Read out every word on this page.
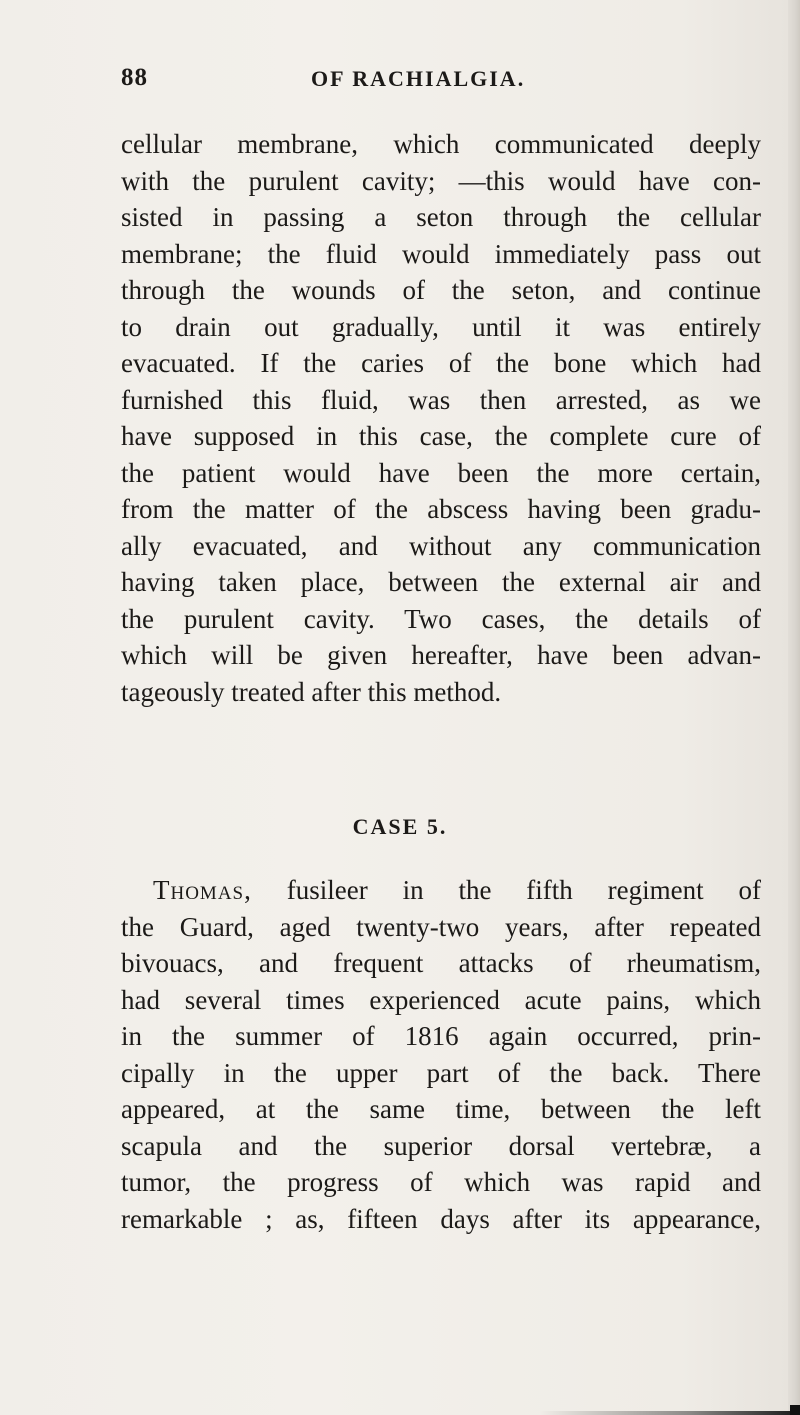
88	OF RACHIALGIA.
cellular membrane, which communicated deeply
with the purulent cavity; —this would have con-
sisted in passing a seton through the cellular
membrane; the fluid would immediately pass out
through the wounds of the seton, and continue
to drain out gradually, until it was entirely
evacuated. If the caries of the bone which had
furnished this fluid, was then arrested, as we
have supposed in this case, the complete cure of
the patient would have been the more certain,
from the matter of the abscess having been gradu-
ally evacuated, and without any communication
having taken place, between the external air and
the purulent cavity. Two cases, the details of
which will be given hereafter, have been advan-
tageously treated after this method.
CASE 5.
Thomas, fusileer in the fifth regiment of
the Guard, aged twenty-two years, after repeated
bivouacs, and frequent attacks of rheumatism,
had several times experienced acute pains, which
in the summer of 1816 again occurred, prin-
cipally in the upper part of the back. There
appeared, at the same time, between the left
scapula and the superior dorsal vertebræ, a
tumor, the progress of which was rapid and
remarkable ; as, fifteen days after its appearance,
